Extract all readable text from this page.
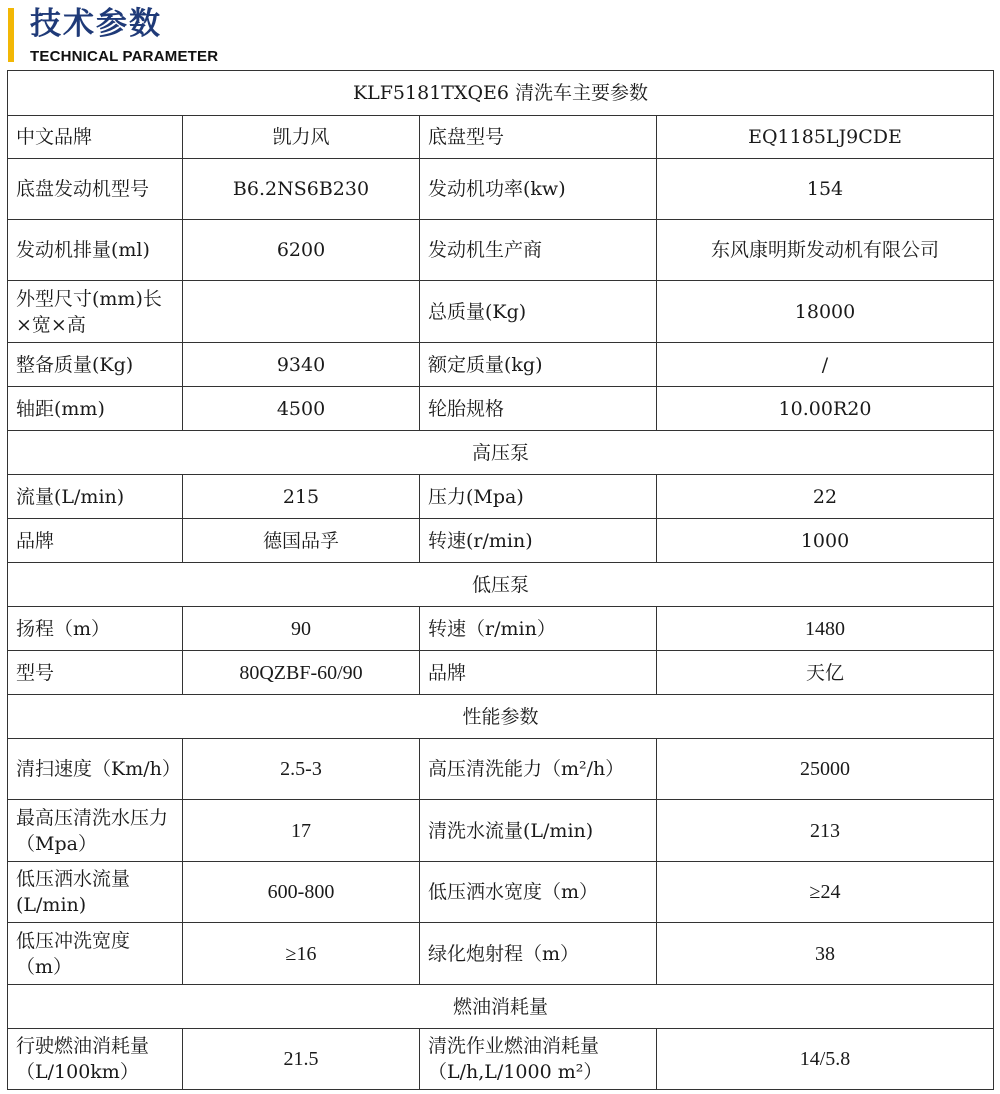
技术参数
TECHNICAL PARAMETER
KLF5181TXQE6 清洗车主要参数			
中文品牌	凯力风	底盘型号	EQ1185LJ9CDE
底盘发动机型号	B6.2NS6B230	发动机功率(kw)	154
发动机排量(ml)	6200	发动机生产商	东风康明斯发动机有限公司
外型尺寸(mm)长×宽×高		总质量(Kg)	18000
整备质量(Kg)	9340	额定质量(kg)	/
轴距(mm)	4500	轮胎规格	10.00R20
高压泵			
流量(L/min)	215	压力(Mpa)	22
品牌	德国品孚	转速(r/min)	1000
低压泵			
扬程（m）	90	转速（r/min）	1480
型号	80QZBF-60/90	品牌	天亿
性能参数			
清扫速度（Km/h）	2.5-3	高压清洗能力（m²/h）	25000
最高压清洗水压力（Mpa）	17	清洗水流量(L/min)	213
低压洒水流量(L/min)	600-800	低压洒水宽度（m）	≥24
低压冲洗宽度（m）	≥16	绿化炮射程（m）	38
燃油消耗量			
行驶燃油消耗量（L/100km）	21.5	清洗作业燃油消耗量（L/h,L/1000 m²）	14/5.8
